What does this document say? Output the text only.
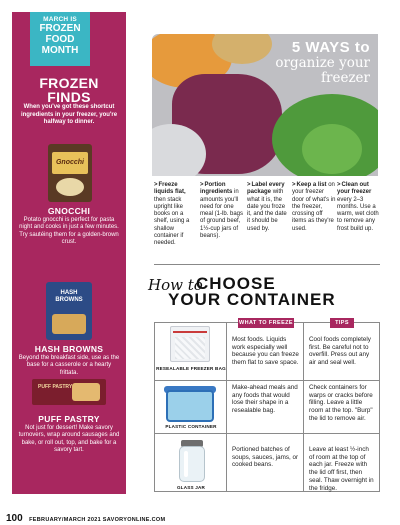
MARCH IS
FROZEN
FOOD
MONTH
FROZEN
FINDS
When you've got these shortcut ingredients in your freezer, you're halfway to dinner.
Gnocchi
GNOCCHI
Potato gnocchi is perfect for pasta night and cooks in just a few minutes. Try sautéing them for a golden-brown crust.
HASH BROWNS
HASH BROWNS
Beyond the breakfast side, use as the base for a casserole or a hearty frittata.
PUFF PASTRY
PUFF PASTRY
Not just for dessert! Make savory turnovers, wrap around sausages and bake, or roll out, top, and bake for a savory tart.
5 WAYS to
organize your
freezer
>Freeze liquids flat, then stack upright like books on a shelf, using a shallow container if needed.
>Portion ingredients in amounts you'll need for one meal (1-lb. bags of ground beef, 1½-cup jars of beans).
>Label every package with what it is, the date you froze it, and the date it should be used by.
>Keep a list on your freezer door of what's in the freezer, crossing off items as they're used.
>Clean out your freezer every 2–3 months. Use a warm, wet cloth to remove any frost build up.
How to
CHOOSE
YOUR CONTAINER
WHAT TO FREEZE	TIPS
RESEALABLE FREEZER BAG
Most foods. Liquids work especially well because you can freeze them flat to save space.
Cool foods completely first. Be careful not to overfill. Press out any air and seal well.
PLASTIC CONTAINER
Make-ahead meals and any foods that would lose their shape in a resealable bag.
Check containers for warps or cracks before filling. Leave a little room at the top. "Burp" the lid to remove air.
GLASS JAR
Portioned batches of soups, sauces, jams, or cooked beans.
Leave at least ½-inch of room at the top of each jar. Freeze with the lid off first, then seal. Thaw overnight in the fridge.
100 FEBRUARY/MARCH 2021 SAVORYONLINE.COM
